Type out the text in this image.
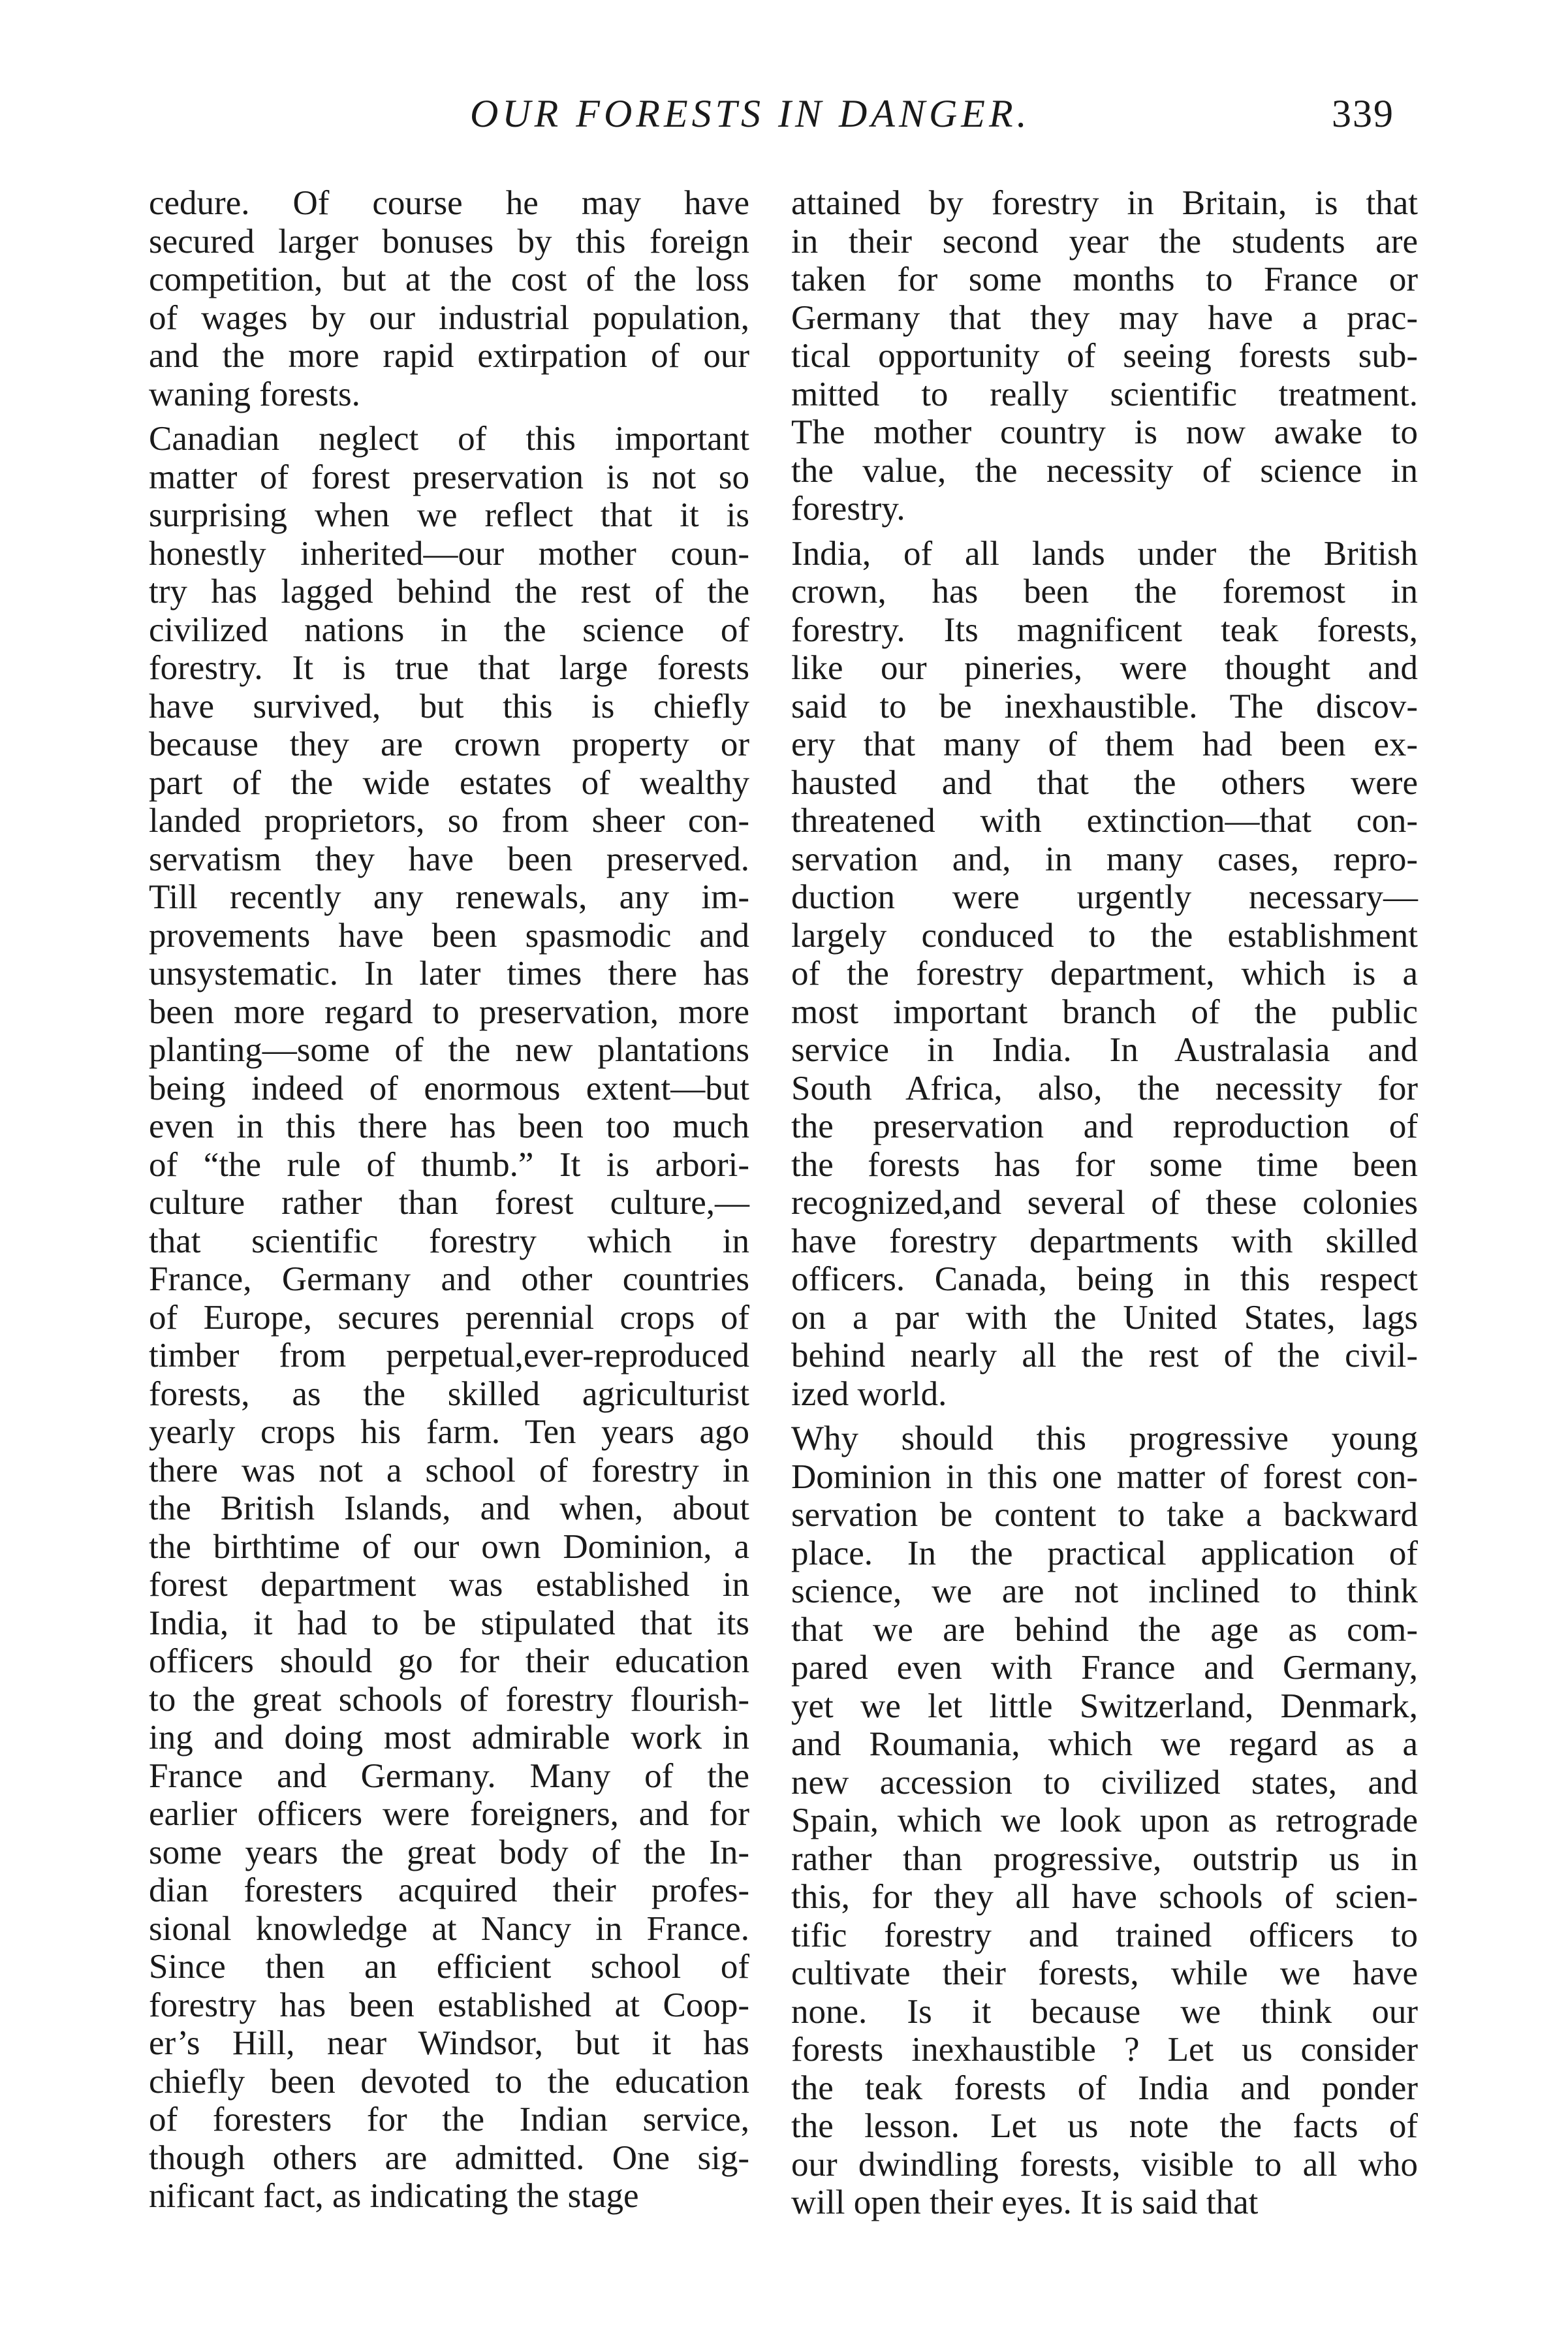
OUR FORESTS IN DANGER.	339
cedure. Of course he may have
secured larger bonuses by this foreign
competition, but at the cost of the loss
of wages by our industrial population,
and the more rapid extirpation of our
waning forests.
Canadian neglect of this important
matter of forest preservation is not so
surprising when we reflect that it is
honestly inherited—our mother coun-
try has lagged behind the rest of the
civilized nations in the science of
forestry. It is true that large forests
have survived, but this is chiefly
because they are crown property or
part of the wide estates of wealthy
landed proprietors, so from sheer con-
servatism they have been preserved.
Till recently any renewals, any im-
provements have been spasmodic and
unsystematic. In later times there has
been more regard to preservation, more
planting—some of the new plantations
being indeed of enormous extent—but
even in this there has been too much
of “the rule of thumb.” It is arbori-
culture rather than forest culture,—
that scientific forestry which in
France, Germany and other countries
of Europe, secures perennial crops of
timber from perpetual,ever-reproduced
forests, as the skilled agriculturist
yearly crops his farm. Ten years ago
there was not a school of forestry in
the British Islands, and when, about
the birthtime of our own Dominion, a
forest department was established in
India, it had to be stipulated that its
officers should go for their education
to the great schools of forestry flourish-
ing and doing most admirable work in
France and Germany. Many of the
earlier officers were foreigners, and for
some years the great body of the In-
dian foresters acquired their profes-
sional knowledge at Nancy in France.
Since then an efficient school of
forestry has been established at Coop-
er’s Hill, near Windsor, but it has
chiefly been devoted to the education
of foresters for the Indian service,
though others are admitted. One sig-
nificant fact, as indicating the stage
attained by forestry in Britain, is that
in their second year the students are
taken for some months to France or
Germany that they may have a prac-
tical opportunity of seeing forests sub-
mitted to really scientific treatment.
The mother country is now awake to
the value, the necessity of science in
forestry.
India, of all lands under the British
crown, has been the foremost in
forestry. Its magnificent teak forests,
like our pineries, were thought and
said to be inexhaustible. The discov-
ery that many of them had been ex-
hausted and that the others were
threatened with extinction—that con-
servation and, in many cases, repro-
duction were urgently necessary—
largely conduced to the establishment
of the forestry department, which is a
most important branch of the public
service in India. In Australasia and
South Africa, also, the necessity for
the preservation and reproduction of
the forests has for some time been
recognized,and several of these colonies
have forestry departments with skilled
officers. Canada, being in this respect
on a par with the United States, lags
behind nearly all the rest of the civil-
ized world.
Why should this progressive young
Dominion in this one matter of forest con-
servation be content to take a backward
place. In the practical application of
science, we are not inclined to think
that we are behind the age as com-
pared even with France and Germany,
yet we let little Switzerland, Denmark,
and Roumania, which we regard as a
new accession to civilized states, and
Spain, which we look upon as retrograde
rather than progressive, outstrip us in
this, for they all have schools of scien-
tific forestry and trained officers to
cultivate their forests, while we have
none. Is it because we think our
forests inexhaustible ? Let us consider
the teak forests of India and ponder
the lesson. Let us note the facts of
our dwindling forests, visible to all who
will open their eyes. It is said that
